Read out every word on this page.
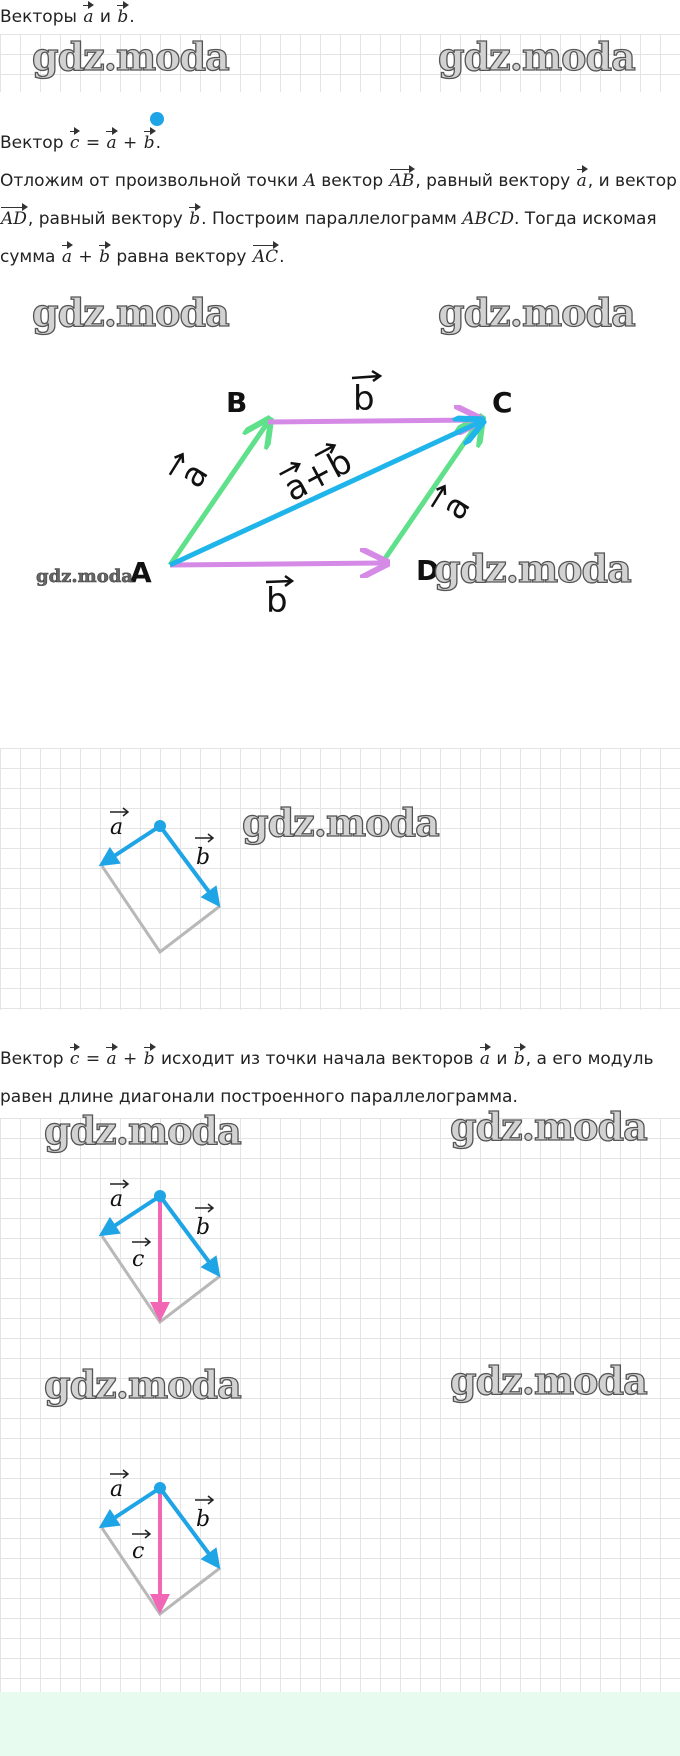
Векторы a и b.
gdz.moda	gdz.moda
Вектор c = a + b.
Отложим от произвольной точки A вектор AB, равный вектору a, и вектор
AD, равный вектору b. Построим параллелограмм ABCD. Тогда искомая
сумма a + b равна вектору AC.
gdz.moda	gdz.moda
B	C
A	D
b
b
a
a
a+b
gdz.moda	gdz.moda
gdz.moda
a
b
Вектор c = a + b исходит из точки начала векторов a и b, а его модуль
равен длине диагонали построенного параллелограмма.
gdz.moda	gdz.moda
a
b
c
gdz.moda	gdz.moda
a
b
c
